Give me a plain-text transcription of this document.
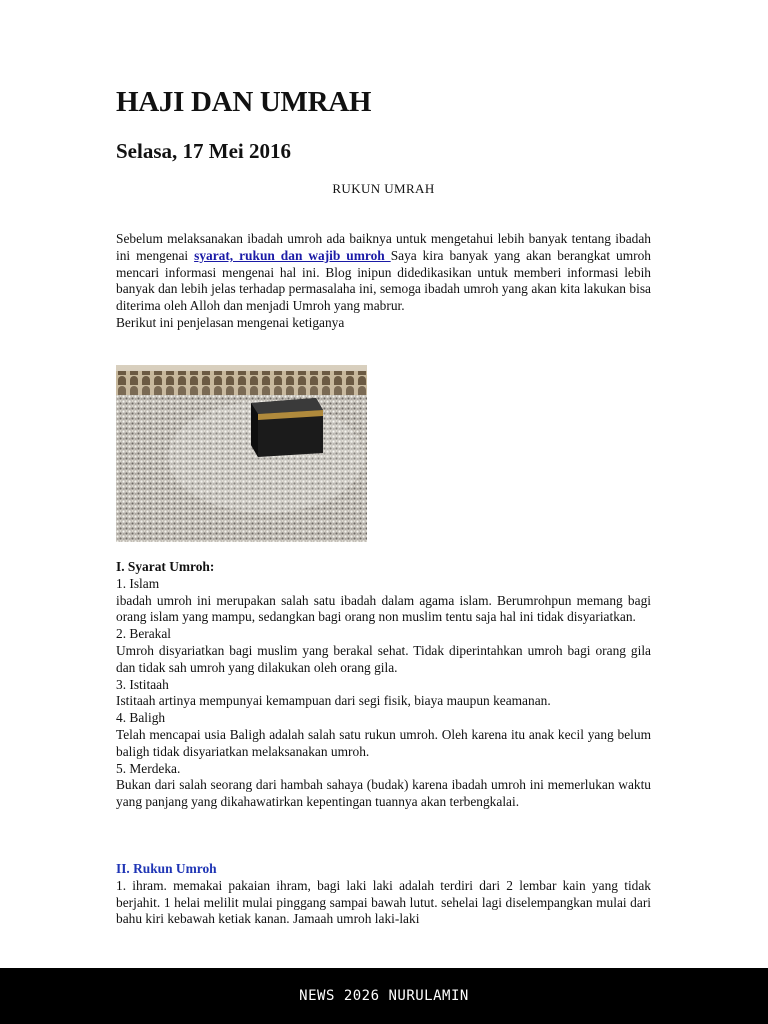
HAJI DAN UMRAH
Selasa, 17 Mei 2016
RUKUN UMRAH
Sebelum melaksanakan ibadah umroh ada baiknya untuk mengetahui lebih banyak tentang ibadah ini mengenai syarat, rukun dan wajib umroh Saya kira banyak yang akan berangkat umroh mencari informasi mengenai hal ini. Blog inipun didedikasikan untuk memberi informasi lebih banyak dan lebih jelas terhadap permasalaha ini, semoga ibadah umroh yang akan kita lakukan bisa diterima oleh Alloh dan menjadi Umroh yang mabrur.
Berikut ini penjelasan mengenai ketiganya
I. Syarat Umroh:
1. Islam
ibadah umroh ini merupakan salah satu ibadah dalam agama islam. Berumrohpun memang bagi orang islam yang mampu, sedangkan bagi orang non muslim tentu saja hal ini tidak disyariatkan.
2. Berakal
Umroh disyariatkan bagi muslim yang berakal sehat. Tidak diperintahkan umroh bagi orang gila dan tidak sah umroh yang dilakukan oleh orang gila.
3. Istitaah
Istitaah artinya mempunyai kemampuan dari segi fisik, biaya maupun keamanan.
4. Baligh
Telah mencapai usia Baligh adalah salah satu rukun umroh. Oleh karena itu anak kecil yang belum baligh tidak disyariatkan melaksanakan umroh.
5. Merdeka.
Bukan dari salah seorang dari hambah sahaya (budak) karena ibadah umroh ini memerlukan waktu yang panjang yang dikahawatirkan kepentingan tuannya akan terbengkalai.
II. Rukun Umroh
1. ihram. memakai pakaian ihram, bagi laki laki adalah terdiri dari 2 lembar kain yang tidak berjahit. 1 helai melilit mulai pinggang sampai bawah lutut. sehelai lagi diselempangkan mulai dari bahu kiri kebawah ketiak kanan. Jamaah umroh laki-laki
NEWS 2026 NURULAMIN
